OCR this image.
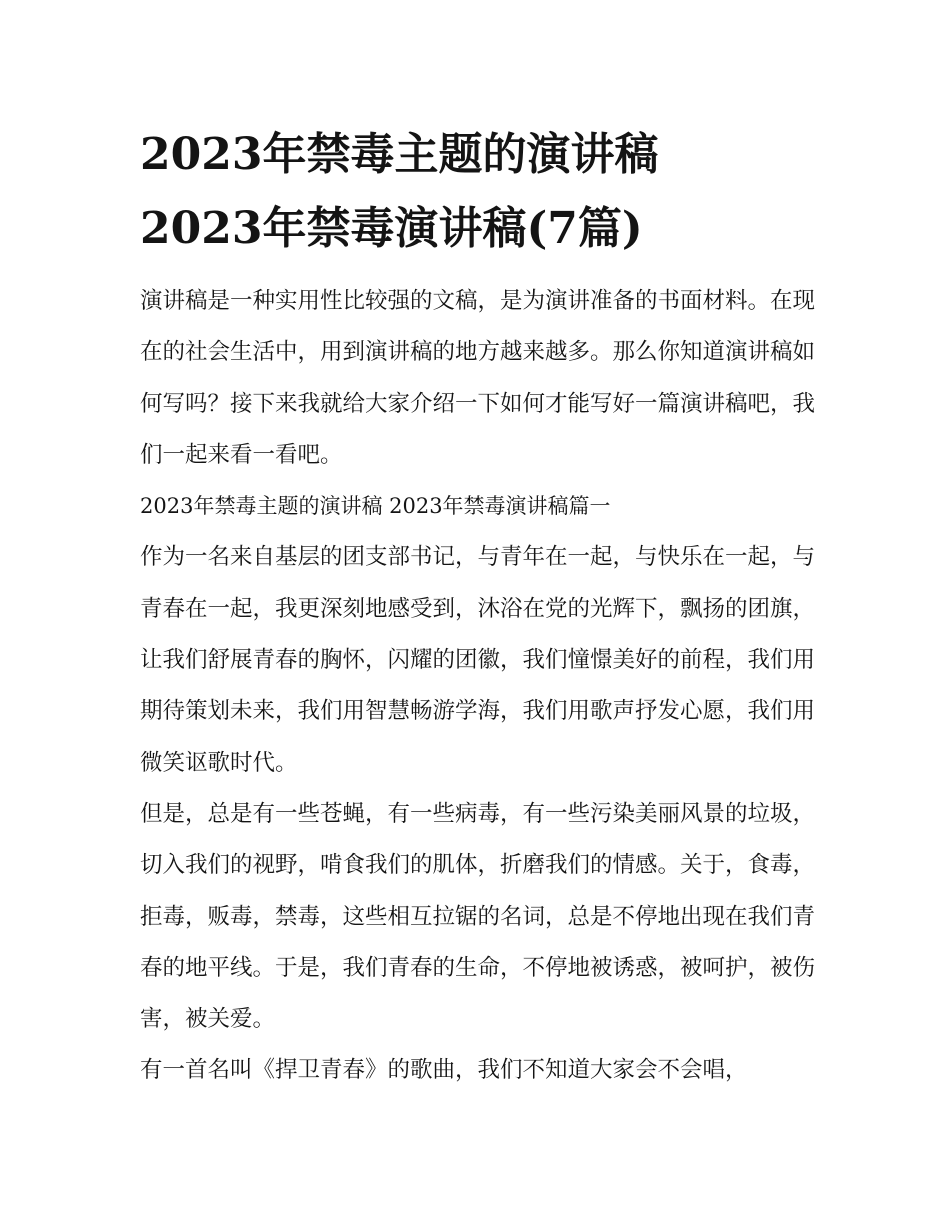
2023年禁毒主题的演讲稿
2023年禁毒演讲稿(7篇)

演讲稿是一种实用性比较强的文稿，是为演讲准备的书面材料。在现在的社会生活中，用到演讲稿的地方越来越多。那么你知道演讲稿如何写吗？接下来我就给大家介绍一下如何才能写好一篇演讲稿吧，我们一起来看一看吧。

2023年禁毒主题的演讲稿 2023年禁毒演讲稿篇一

作为一名来自基层的团支部书记，与青年在一起，与快乐在一起，与青春在一起，我更深刻地感受到，沐浴在党的光辉下，飘扬的团旗，让我们舒展青春的胸怀，闪耀的团徽，我们憧憬美好的前程，我们用期待策划未来，我们用智慧畅游学海，我们用歌声抒发心愿，我们用微笑讴歌时代。

但是，总是有一些苍蝇，有一些病毒，有一些污染美丽风景的垃圾，切入我们的视野，啃食我们的肌体，折磨我们的情感。关于，食毒，拒毒，贩毒，禁毒，这些相互拉锯的名词，总是不停地出现在我们青春的地平线。于是，我们青春的生命，不停地被诱惑，被呵护，被伤害，被关爱。

有一首名叫《捍卫青春》的歌曲，我们不知道大家会不会唱，
